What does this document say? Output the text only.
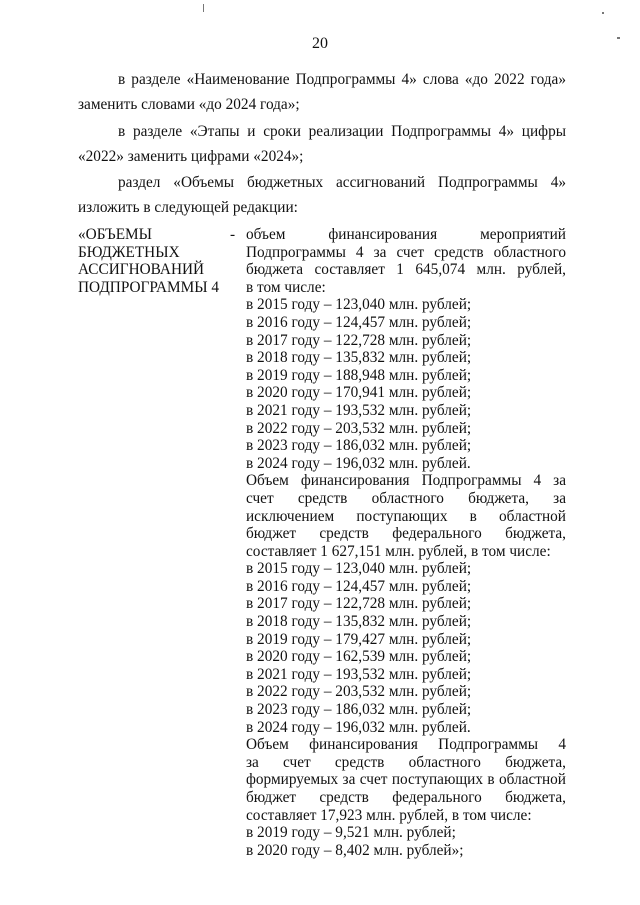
20
в разделе «Наименование Подпрограммы 4» слова «до 2022 года» заменить словами «до 2024 года»;
в разделе «Этапы и сроки реализации Подпрограммы 4» цифры «2022» заменить цифрами «2024»;
раздел «Объемы бюджетных ассигнований Подпрограммы 4» изложить в следующей редакции:
«ОБЪЕМЫ
БЮДЖЕТНЫХ
АССИГНОВАНИЙ
ПОДПРОГРАММЫ 4
- объем финансирования мероприятий
Подпрограммы 4 за счет средств областного
бюджета составляет 1 645,074 млн. рублей,
в том числе:
в 2015 году – 123,040 млн. рублей;
в 2016 году – 124,457 млн. рублей;
в 2017 году – 122,728 млн. рублей;
в 2018 году – 135,832 млн. рублей;
в 2019 году – 188,948 млн. рублей;
в 2020 году – 170,941 млн. рублей;
в 2021 году – 193,532 млн. рублей;
в 2022 году – 203,532 млн. рублей;
в 2023 году – 186,032 млн. рублей;
в 2024 году – 196,032 млн. рублей.
Объем финансирования Подпрограммы 4 за
счет средств областного бюджета, за
исключением поступающих в областной
бюджет средств федерального бюджета,
составляет 1 627,151 млн. рублей, в том числе:
в 2015 году – 123,040 млн. рублей;
в 2016 году – 124,457 млн. рублей;
в 2017 году – 122,728 млн. рублей;
в 2018 году – 135,832 млн. рублей;
в 2019 году – 179,427 млн. рублей;
в 2020 году – 162,539 млн. рублей;
в 2021 году – 193,532 млн. рублей;
в 2022 году – 203,532 млн. рублей;
в 2023 году – 186,032 млн. рублей;
в 2024 году – 196,032 млн. рублей.
Объем финансирования Подпрограммы 4
за счет средств областного бюджета,
формируемых за счет поступающих в областной
бюджет средств федерального бюджета,
составляет 17,923 млн. рублей, в том числе:
в 2019 году – 9,521 млн. рублей;
в 2020 году – 8,402 млн. рублей»;
